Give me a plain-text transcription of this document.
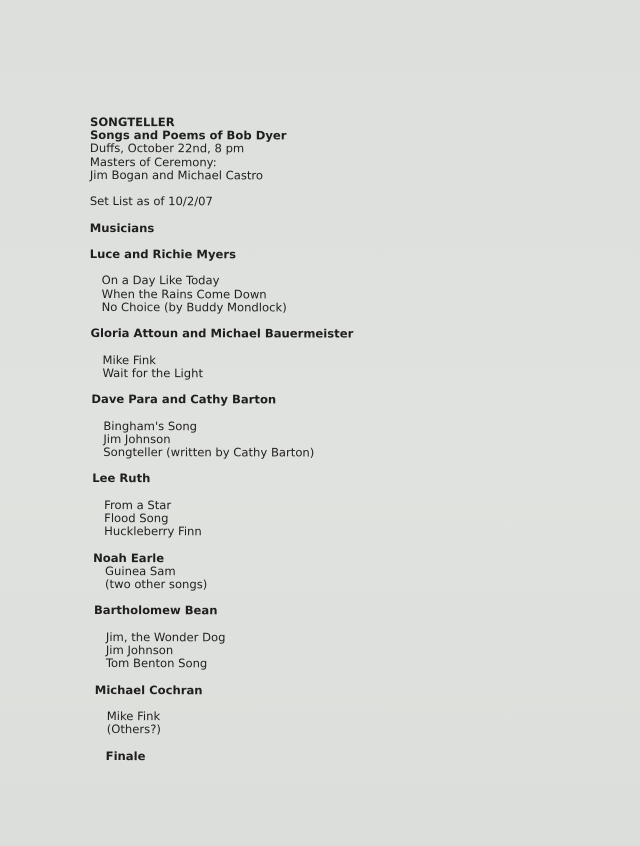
SONGTELLER
Songs and Poems of Bob Dyer
Duffs, October 22nd, 8 pm
Masters of Ceremony:
Jim Bogan and Michael Castro
Set List as of 10/2/07
Musicians
Luce and Richie Myers
On a Day Like Today
When the Rains Come Down
No Choice (by Buddy Mondlock)
Gloria Attoun and Michael Bauermeister
Mike Fink
Wait for the Light
Dave Para and Cathy Barton
Bingham's Song
Jim Johnson
Songteller (written by Cathy Barton)
Lee Ruth
From a Star
Flood Song
Huckleberry Finn
Noah Earle
Guinea Sam
(two other songs)
Bartholomew Bean
Jim, the Wonder Dog
Jim Johnson
Tom Benton Song
Michael Cochran
Mike Fink
(Others?)
Finale
